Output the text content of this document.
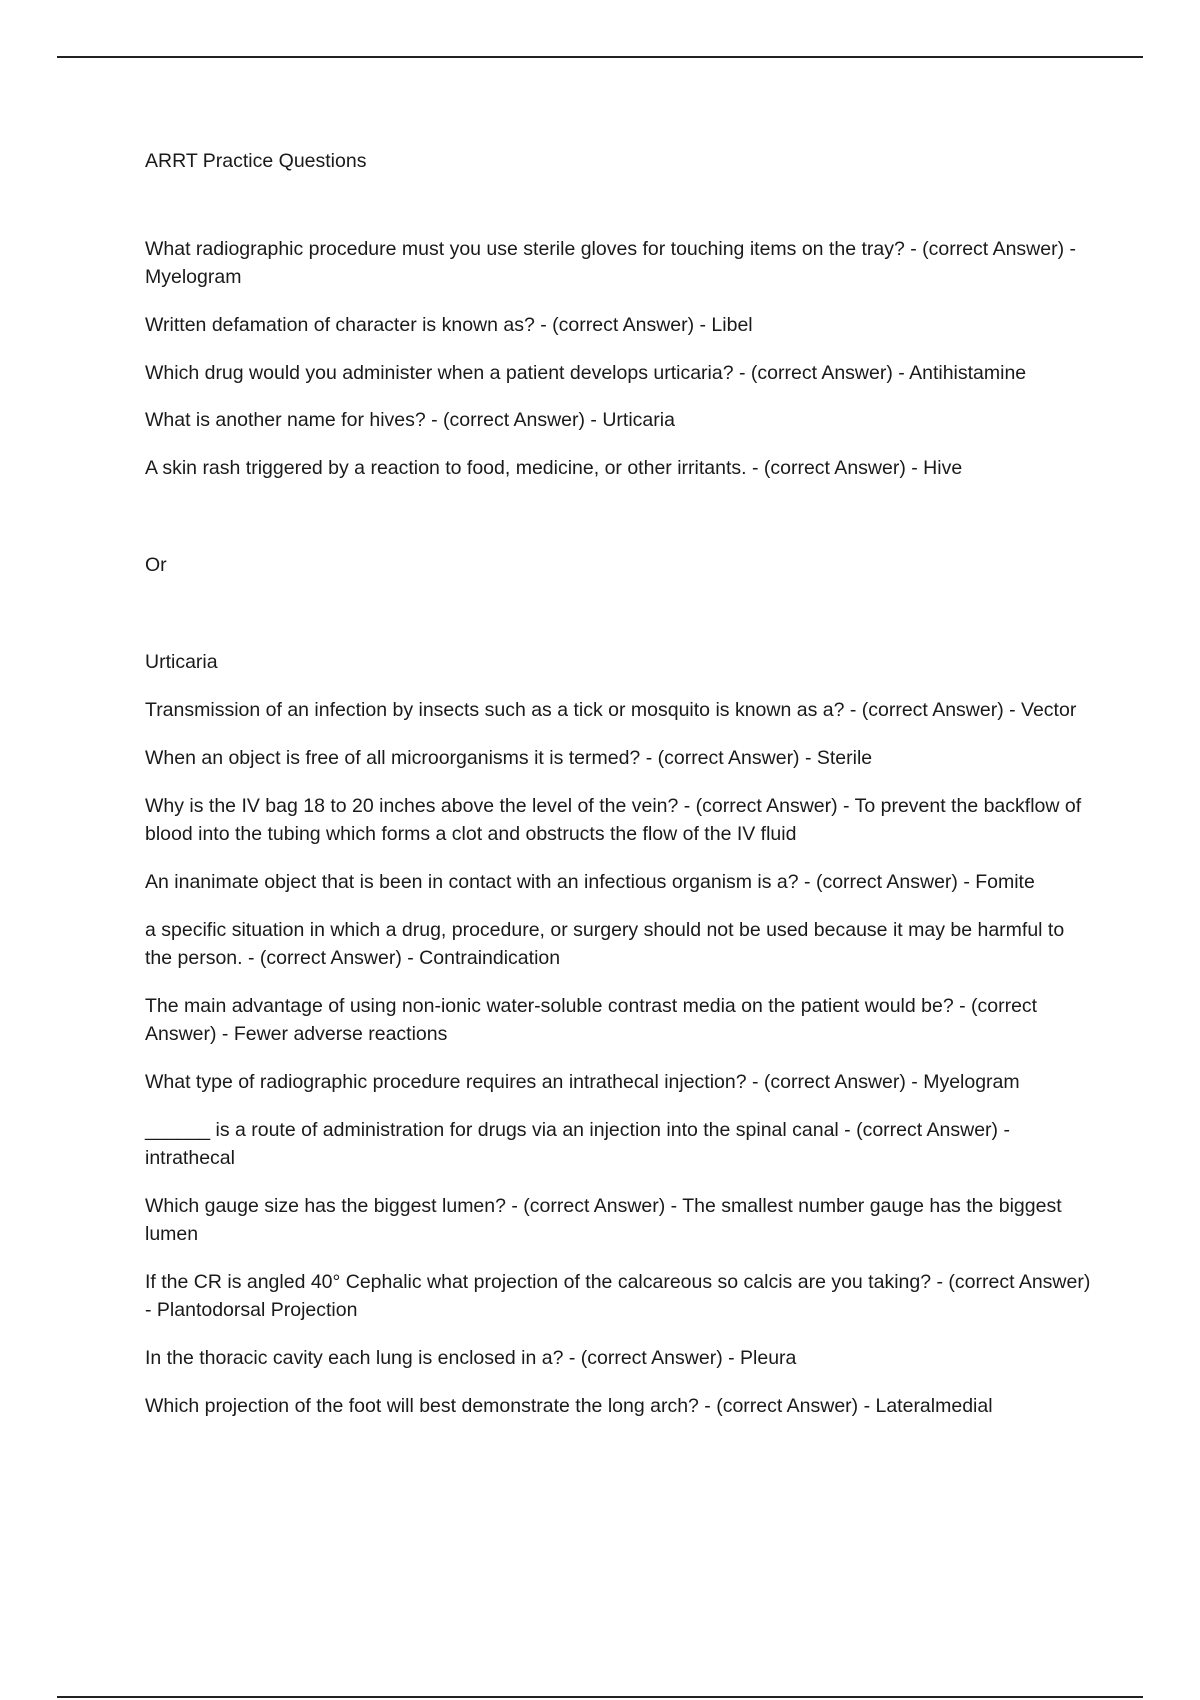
ARRT Practice Questions
What radiographic procedure must you use sterile gloves for touching items on the tray? - (correct Answer) - Myelogram
Written defamation of character is known as? - (correct Answer) - Libel
Which drug would you administer when a patient develops urticaria? - (correct Answer) - Antihistamine
What is another name for hives? - (correct Answer) - Urticaria
A skin rash triggered by a reaction to food, medicine, or other irritants. - (correct Answer) - Hive
Or
Urticaria
Transmission of an infection by insects such as a tick or mosquito is known as a? - (correct Answer) - Vector
When an object is free of all microorganisms it is termed? - (correct Answer) - Sterile
Why is the IV bag 18 to 20 inches above the level of the vein? - (correct Answer) - To prevent the backflow of blood into the tubing which forms a clot and obstructs the flow of the IV fluid
An inanimate object that is been in contact with an infectious organism is a? - (correct Answer) - Fomite
a specific situation in which a drug, procedure, or surgery should not be used because it may be harmful to the person. - (correct Answer) - Contraindication
The main advantage of using non-ionic water-soluble contrast media on the patient would be? - (correct Answer) - Fewer adverse reactions
What type of radiographic procedure requires an intrathecal injection? - (correct Answer) - Myelogram
______ is a route of administration for drugs via an injection into the spinal canal - (correct Answer) - intrathecal
Which gauge size has the biggest lumen? - (correct Answer) - The smallest number gauge has the biggest lumen
If the CR is angled 40° Cephalic what projection of the calcareous so calcis are you taking? - (correct Answer) - Plantodorsal Projection
In the thoracic cavity each lung is enclosed in a? - (correct Answer) - Pleura
Which projection of the foot will best demonstrate the long arch? - (correct Answer) - Lateralmedial
